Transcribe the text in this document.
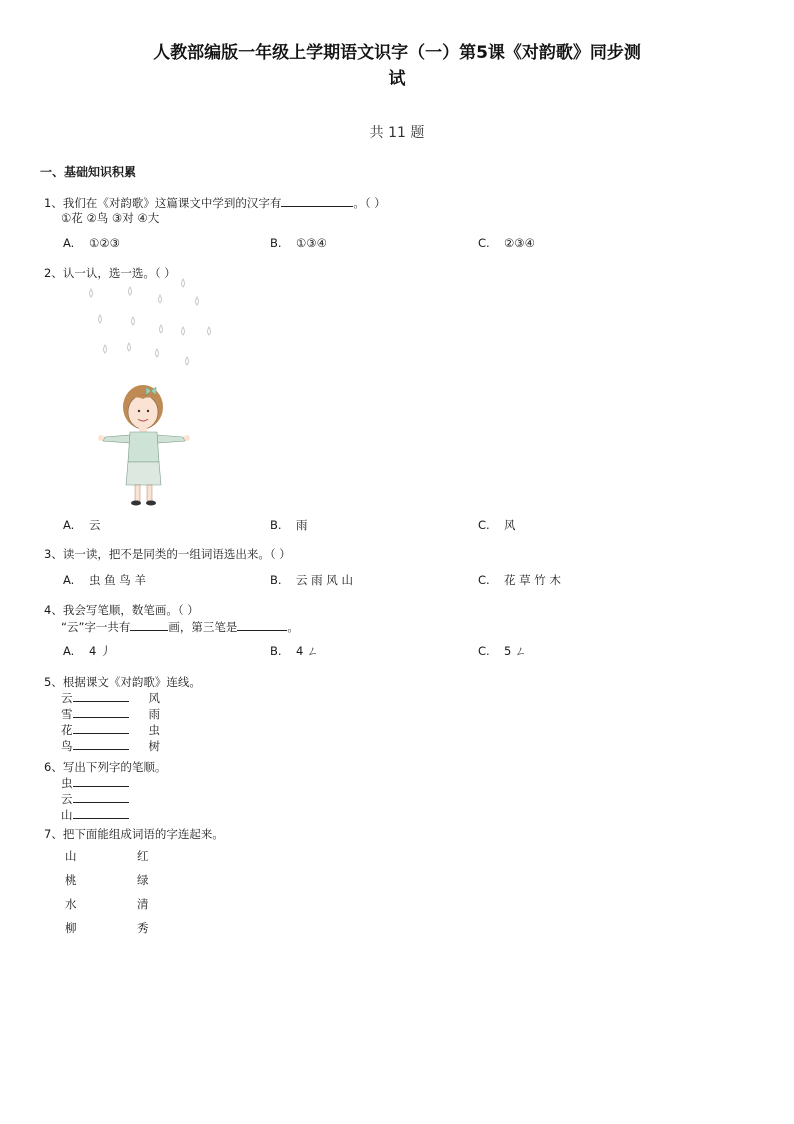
人教部编版一年级上学期语文识字（一）第5课《对韵歌》同步测
试
共 11 题
一、基础知识积累
1、我们在《对韵歌》这篇课文中学到的汉字有	。（ ）
①花 ②鸟 ③对 ④大
A. ①②③	B. ①③④	C. ②③④
2、认一认，选一选。（ ）
A. 云	B. 雨	C. 风
3、读一读，把不是同类的一组词语选出来。（ ）
A. 虫 鱼 鸟 羊	B. 云 雨 风 山	C. 花 草 竹 木
4、我会写笔顺，数笔画。（ ）
“云”字一共有	画，第三笔是	。
A. 4 丿	B. 4 ㄥ	C. 5 ㄥ
5、根据课文《对韵歌》连线。
云	风
雪	雨
花	虫
鸟	树
6、写出下列字的笔顺。
虫
云
山
7、把下面能组成词语的字连起来。
山	红
桃	绿
水	清
柳	秀
